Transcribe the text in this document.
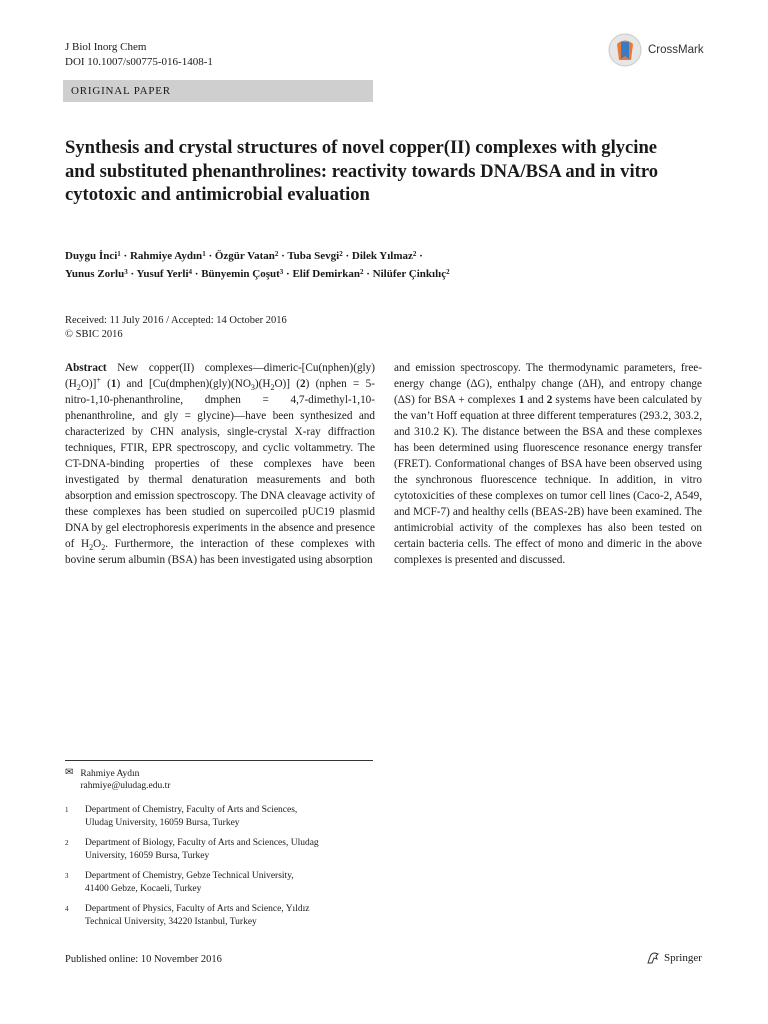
J Biol Inorg Chem
DOI 10.1007/s00775-016-1408-1
CrossMark
ORIGINAL PAPER
Synthesis and crystal structures of novel copper(II) complexes with glycine and substituted phenanthrolines: reactivity towards DNA/BSA and in vitro cytotoxic and antimicrobial evaluation
Duygu İnci$^1$ · Rahmiye Aydın$^1$ · Özgür Vatan$^2$ · Tuba Sevgi$^2$ · Dilek Yılmaz$^2$ ·
Yunus Zorlu$^3$ · Yusuf Yerli$^4$ · Bünyemin Çoşut$^3$ · Elif Demirkan$^2$ · Nilüfer Çinkılıç$^2$
Received: 11 July 2016 / Accepted: 14 October 2016
© SBIC 2016
Abstract New copper(II) $complexes—dimeric-[Cu(nphen)(gly)(H_2O)]^+$ (1) and $[Cu(dmphen)(gly)(NO_3)(H_2O)]$ (2) (nphen = 5-nitro-1,10-phenanthroline, dmphen = 4,7-dimethyl-1,10-phenanthroline, and gly = glycine)—have been synthesized and characterized by CHN analysis, single-crystal X-ray diffraction techniques, FTIR, EPR spectroscopy, and cyclic voltammetry. The CT-DNA-binding properties of these complexes have been investigated by thermal denaturation measurements and both absorption and emission spectroscopy. The DNA cleavage activity of these complexes has been studied on supercoiled pUC19 plasmid DNA by gel electrophoresis experiments in the absence and presence of $H_2O_2$. Furthermore, the interaction of these complexes with bovine serum albumin (BSA) has been investigated using absorption
and emission spectroscopy. The thermodynamic parameters, free-energy change (ΔG), enthalpy change (ΔH), and entropy change (ΔS) for BSA + complexes 1 and 2 systems have been calculated by the van’t Hoff equation at three different temperatures (293.2, 303.2, and 310.2 K). The distance between the BSA and these complexes has been determined using fluorescence resonance energy transfer (FRET). Conformational changes of BSA have been observed using the synchronous fluorescence technique. In addition, in vitro cytotoxicities of these complexes on tumor cell lines (Caco-2, A549, and MCF-7) and healthy cells (BEAS-2B) have been examined. The antimicrobial activity of the complexes has also been tested on certain bacteria cells. The effect of mono and dimeric in the above complexes is presented and discussed.
✉ Rahmiye Aydın
rahmiye@uludag.edu.tr
1	Department of Chemistry, Faculty of Arts and Sciences,
Uludag University, 16059 Bursa, Turkey
2	Department of Biology, Faculty of Arts and Sciences, Uludag
University, 16059 Bursa, Turkey
3	Department of Chemistry, Gebze Technical University,
41400 Gebze, Kocaeli, Turkey
4	Department of Physics, Faculty of Arts and Science, Yıldız
Technical University, 34220 Istanbul, Turkey
Published online: 10 November 2016	Springer
